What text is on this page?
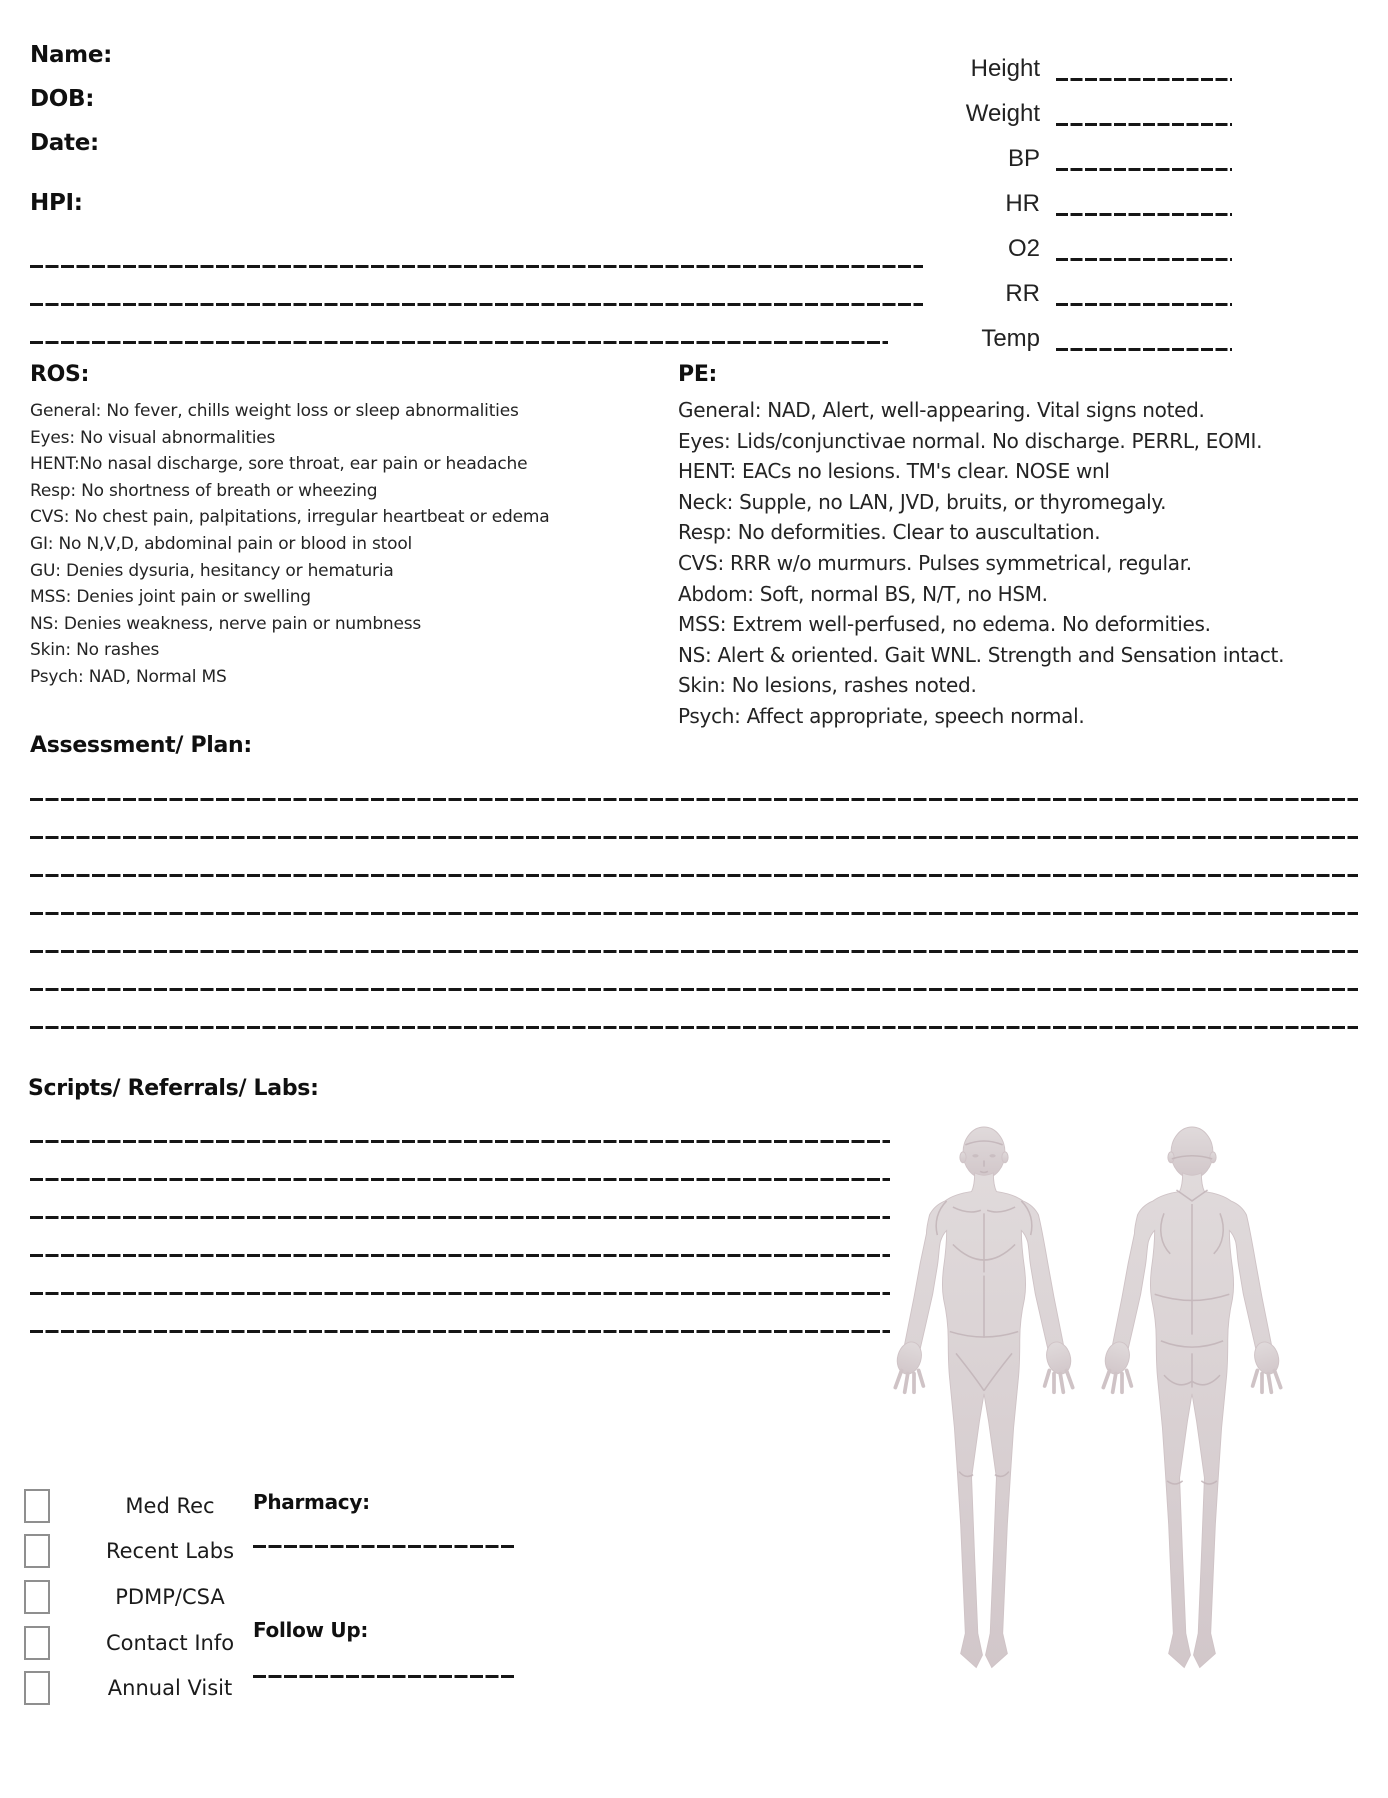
Name:
DOB:
Date:
HPI:
Height
Weight
BP
HR
O2
RR
Temp
ROS:
General: No fever, chills weight loss or sleep abnormalities
Eyes: No visual abnormalities
HENT:No nasal discharge, sore throat, ear pain or headache
Resp: No shortness of breath or wheezing
CVS: No chest pain, palpitations, irregular heartbeat or edema
GI: No N,V,D, abdominal pain or blood in stool
GU: Denies dysuria, hesitancy or hematuria
MSS: Denies joint pain or swelling
NS: Denies weakness, nerve pain or numbness
Skin: No rashes
Psych: NAD, Normal MS
PE:
General: NAD, Alert, well-appearing. Vital signs noted.
Eyes: Lids/conjunctivae normal. No discharge. PERRL, EOMI.
HENT: EACs no lesions. TM's clear. NOSE wnl
Neck: Supple, no LAN, JVD, bruits, or thyromegaly.
Resp: No deformities. Clear to auscultation.
CVS: RRR w/o murmurs. Pulses symmetrical, regular.
Abdom: Soft, normal BS, N/T, no HSM.
MSS: Extrem well-perfused, no edema. No deformities.
NS: Alert & oriented. Gait WNL. Strength and Sensation intact.
Skin: No lesions, rashes noted.
Psych: Affect appropriate, speech normal.
Assessment/ Plan:
Scripts/ Referrals/ Labs:
Med Rec
Recent Labs
PDMP/CSA
Contact Info
Annual Visit
Pharmacy:
Follow Up:
